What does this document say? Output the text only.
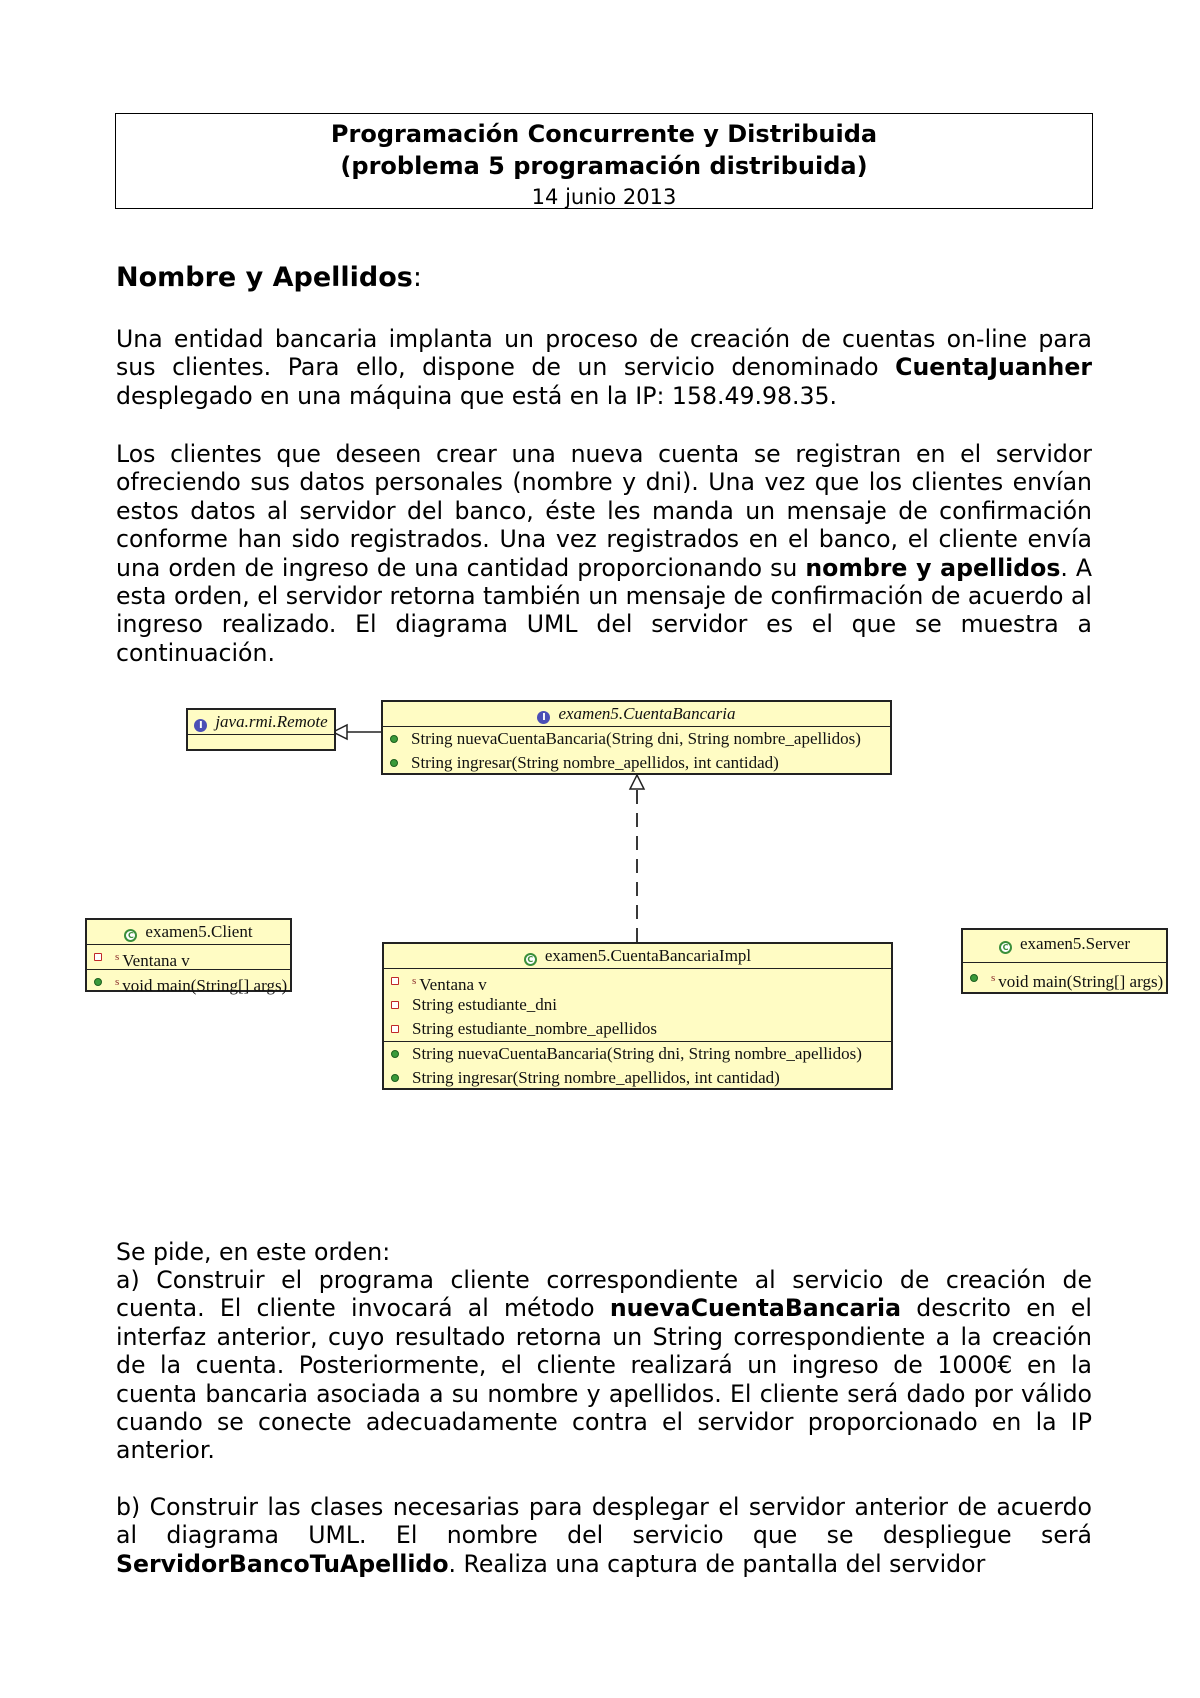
Programación Concurrente y Distribuida
(problema 5 programación distribuida)
14 junio 2013
Nombre y Apellidos:

Una entidad bancaria implanta un proceso de creación de cuentas on-line para sus clientes. Para ello, dispone de un servicio denominado CuentaJuanher desplegado en una máquina que está en la IP: 158.49.98.35.

Los clientes que deseen crear una nueva cuenta se registran en el servidor ofreciendo sus datos personales (nombre y dni). Una vez que los clientes envían estos datos al servidor del banco, éste les manda un mensaje de confirmación conforme han sido registrados. Una vez registrados en el banco, el cliente envía una orden de ingreso de una cantidad proporcionando su nombre y apellidos. A esta orden, el servidor retorna también un mensaje de confirmación de acuerdo al ingreso realizado. El diagrama UML del servidor es el que se muestra a continuación.

I java.rmi.Remote	I examen5.CuentaBancaria
String nuevaCuentaBancaria(String dni, String nombre_apellidos)
String ingresar(String nombre_apellidos, int cantidad)
C examen5.Client
$^s$ Ventana v
$^s$ void main(String[] args)
C examen5.CuentaBancariaImpl
$^s$ Ventana v
String estudiante_dni
String estudiante_nombre_apellidos
String nuevaCuentaBancaria(String dni, String nombre_apellidos)
String ingresar(String nombre_apellidos, int cantidad)
C examen5.Server
$^s$ void main(String[] args)

Se pide, en este orden:

a) Construir el programa cliente correspondiente al servicio de creación de cuenta. El cliente invocará al método nuevaCuentaBancaria descrito en el interfaz anterior, cuyo resultado retorna un String correspondiente a la creación de la cuenta. Posteriormente, el cliente realizará un ingreso de 1000€ en la cuenta bancaria asociada a su nombre y apellidos. El cliente será dado por válido cuando se conecte adecuadamente contra el servidor proporcionado en la IP anterior.

b) Construir las clases necesarias para desplegar el servidor anterior de acuerdo al diagrama UML. El nombre del servicio que se despliegue será ServidorBancoTuApellido. Realiza una captura de pantalla del servidor
